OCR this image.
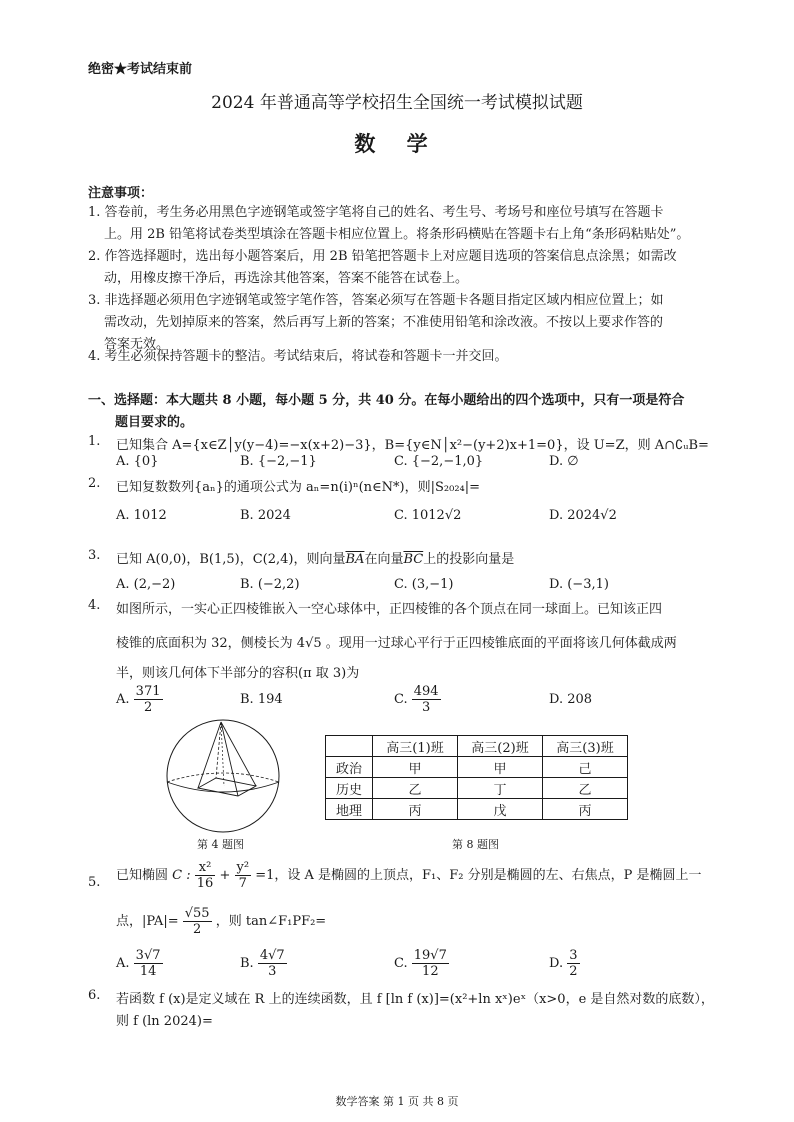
绝密★考试结束前
2024 年普通高等学校招生全国统一考试模拟试题
数 学
注意事项：
1. 答卷前，考生务必用黑色字迹钢笔或签字笔将自己的姓名、考生号、考场号和座位号填写在答题卡
上。用 2B 铅笔将试卷类型填涂在答题卡相应位置上。将条形码横贴在答题卡右上角“条形码粘贴处”。
2. 作答选择题时，选出每小题答案后，用 2B 铅笔把答题卡上对应题目选项的答案信息点涂黑；如需改
动，用橡皮擦干净后，再选涂其他答案，答案不能答在试卷上。
3. 非选择题必须用色字迹钢笔或签字笔作答，答案必须写在答题卡各题目指定区域内相应位置上；如
需改动，先划掉原来的答案，然后再写上新的答案；不准使用铅笔和涂改液。不按以上要求作答的
答案无效。
4. 考生必须保持答题卡的整洁。考试结束后，将试卷和答题卡一并交回。
一、选择题：本大题共 8 小题，每小题 5 分，共 40 分。在每小题给出的四个选项中，只有一项是符合
题目要求的。
1. 已知集合 A={x∈Z│y(y−4)=−x(x+2)−3}，B={y∈N│x²−(y+2)x+1=0}，设 U=Z，则 A∩∁ᵤB=
A. {0}	B. {−2,−1}	C. {−2,−1,0}	D. ∅
2. 已知复数数列{aₙ}的通项公式为 aₙ=n(i)ⁿ(n∈N*)，则|S₂₀₂₄|=
A. 1012	B. 2024	C. 1012√2	D. 2024√2
3. 已知 A(0,0)，B(1,5)，C(2,4)，则向量$\overline{BA}$在向量$\overline{BC}$上的投影向量是
A. (2,−2)	B. (−2,2)	C. (3,−1)	D. (−3,1)
4. 如图所示，一实心正四棱锥嵌入一空心球体中，正四棱锥的各个顶点在同一球面上。已知该正四
棱锥的底面积为 32，侧棱长为 4√5 。现用一过球心平行于正四棱锥底面的平面将该几何体截成两
半，则该几何体下半部分的容积(π 取 3)为
A. $\frac{371}{2}$	B. 194	C. $\frac{494}{3}$	D. 208
第 4 题图
	高三(1)班	高三(2)班	高三(3)班
政治	甲	甲	己
历史	乙	丁	乙
地理	丙	戊	丙
第 8 题图
5. 已知椭圆 C : $\frac{\text{x²}}{16} + \frac{\text{y²}}{7} =1$，设 A 是椭圆的上顶点，F₁、F₂ 分别是椭圆的左、右焦点，P 是椭圆上一
点，$|PA|= \frac{√55}{2}$ ，则 tan∠F₁PF₂=
A. $\frac{3√7}{14}$	B. $\frac{4√7}{3}$	C. $\frac{19√7}{12}$	D. $\frac{3}{2}$
6. 若函数 f (x)是定义域在 R 上的连续函数，且 f [ln f (x)]=(x²+ln xˣ)eˣ（x>0，e 是自然对数的底数），
则 f (ln 2024)=
数学答案 第 1 页 共 8 页
